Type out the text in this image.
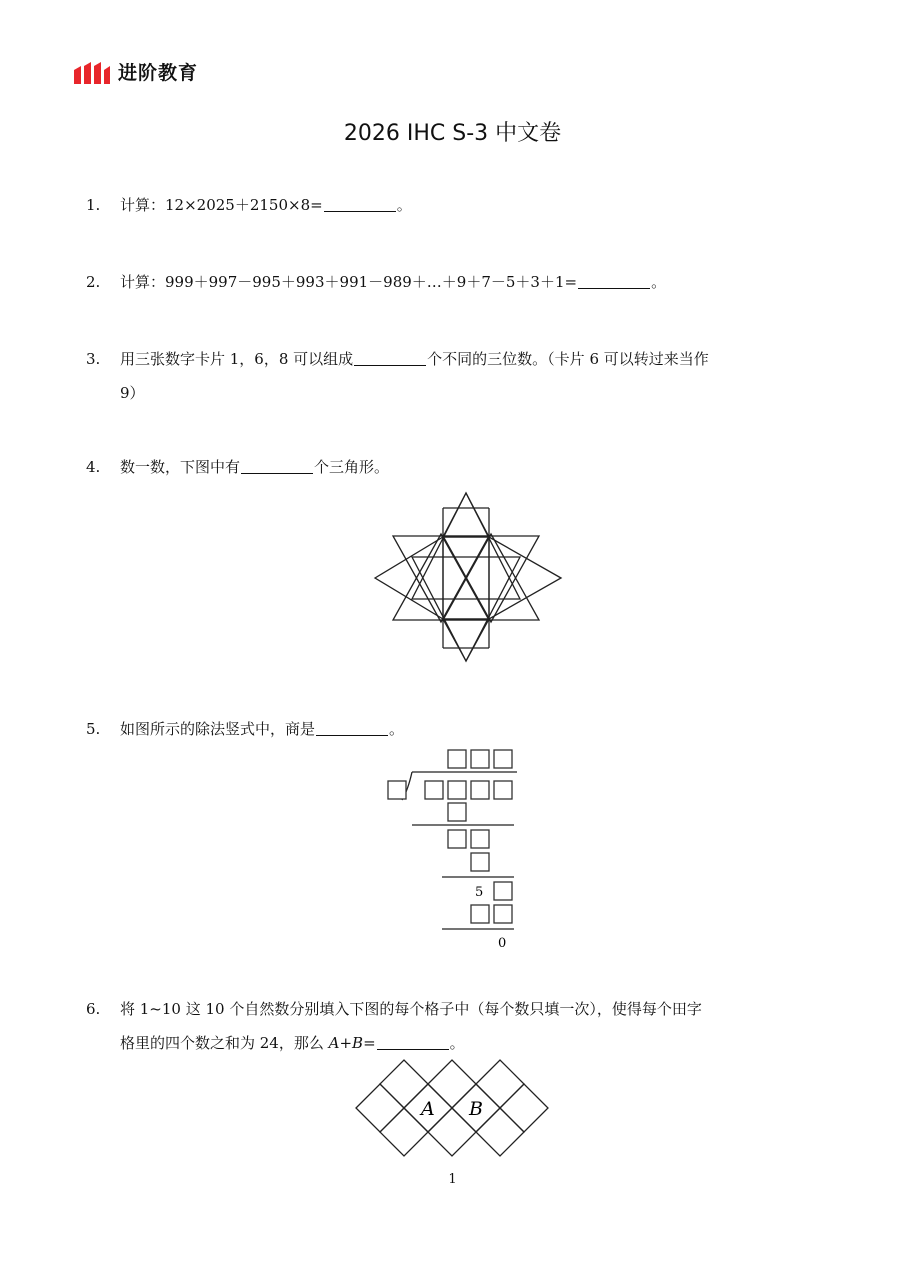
进阶教育
2026 IHC S-3 中文卷
1. 计算：12×2025＋2150×8=	。
2. 计算：999＋997－995＋993＋991－989＋…＋9＋7－5＋3＋1=	。
3. 用三张数字卡片 1，6，8 可以组成	个不同的三位数。（卡片 6 可以转过来当作
9）
4. 数一数，下图中有	个三角形。
5. 如图所示的除法竖式中，商是	。
5
0
6. 将 1~10 这 10 个自然数分别填入下图的每个格子中（每个数只填一次），使得每个田字
格里的四个数之和为 24，那么 A+B=	。
A B
1
